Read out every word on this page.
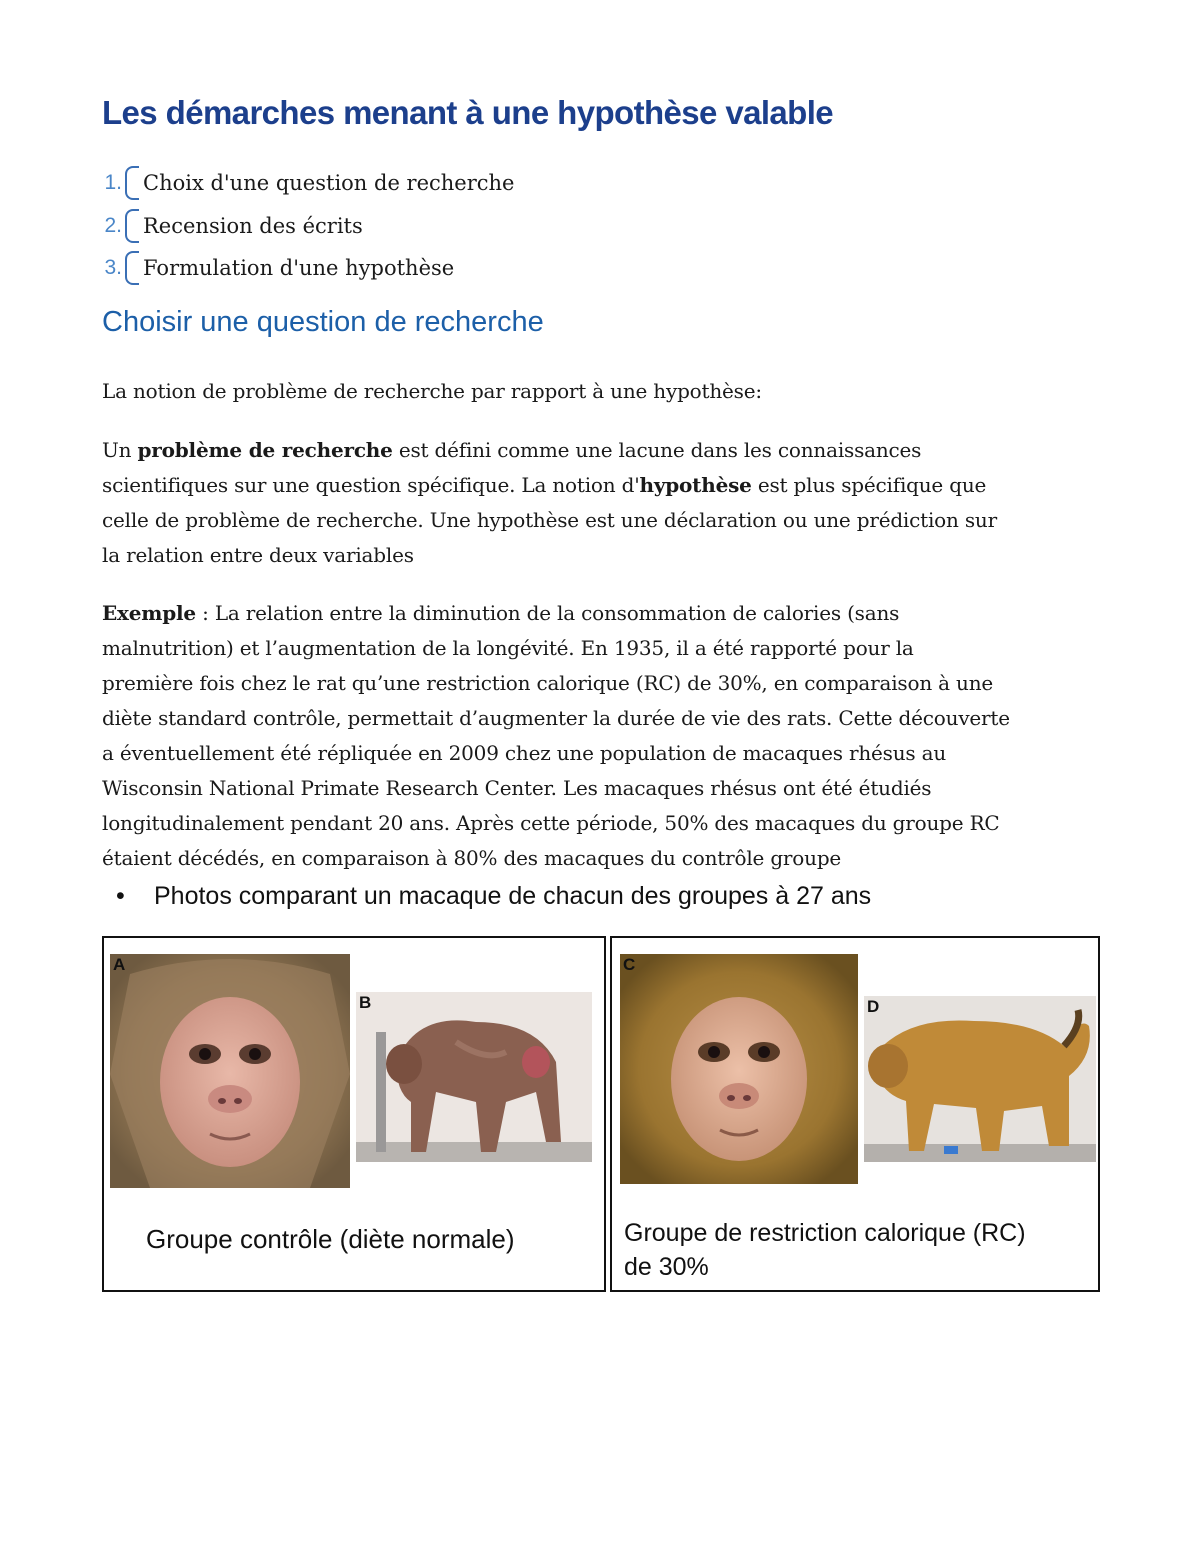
Les démarches menant à une hypothèse valable
1. Choix d'une question de recherche
2. Recension des écrits
3. Formulation d'une hypothèse
Choisir une question de recherche

La notion de problème de recherche par rapport à une hypothèse:

Un problème de recherche est défini comme une lacune dans les connaissances
scientifiques sur une question spécifique. La notion d'hypothèse est plus spécifique que
celle de problème de recherche. Une hypothèse est une déclaration ou une prédiction sur
la relation entre deux variables

Exemple : La relation entre la diminution de la consommation de calories (sans
malnutrition) et l’augmentation de la longévité. En 1935, il a été rapporté pour la
première fois chez le rat qu’une restriction calorique (RC) de 30%, en comparaison à une
diète standard contrôle, permettait d’augmenter la durée de vie des rats. Cette découverte
a éventuellement été répliquée en 2009 chez une population de macaques rhésus au
Wisconsin National Primate Research Center. Les macaques rhésus ont été étudiés
longitudinalement pendant 20 ans. Après cette période, 50% des macaques du groupe RC
étaient décédés, en comparaison à 80% des macaques du contrôle groupe

• Photos comparant un macaque de chacun des groupes à 27 ans
A
B
Groupe contrôle (diète normale)
C
D
Groupe de restriction calorique (RC)
de 30%
